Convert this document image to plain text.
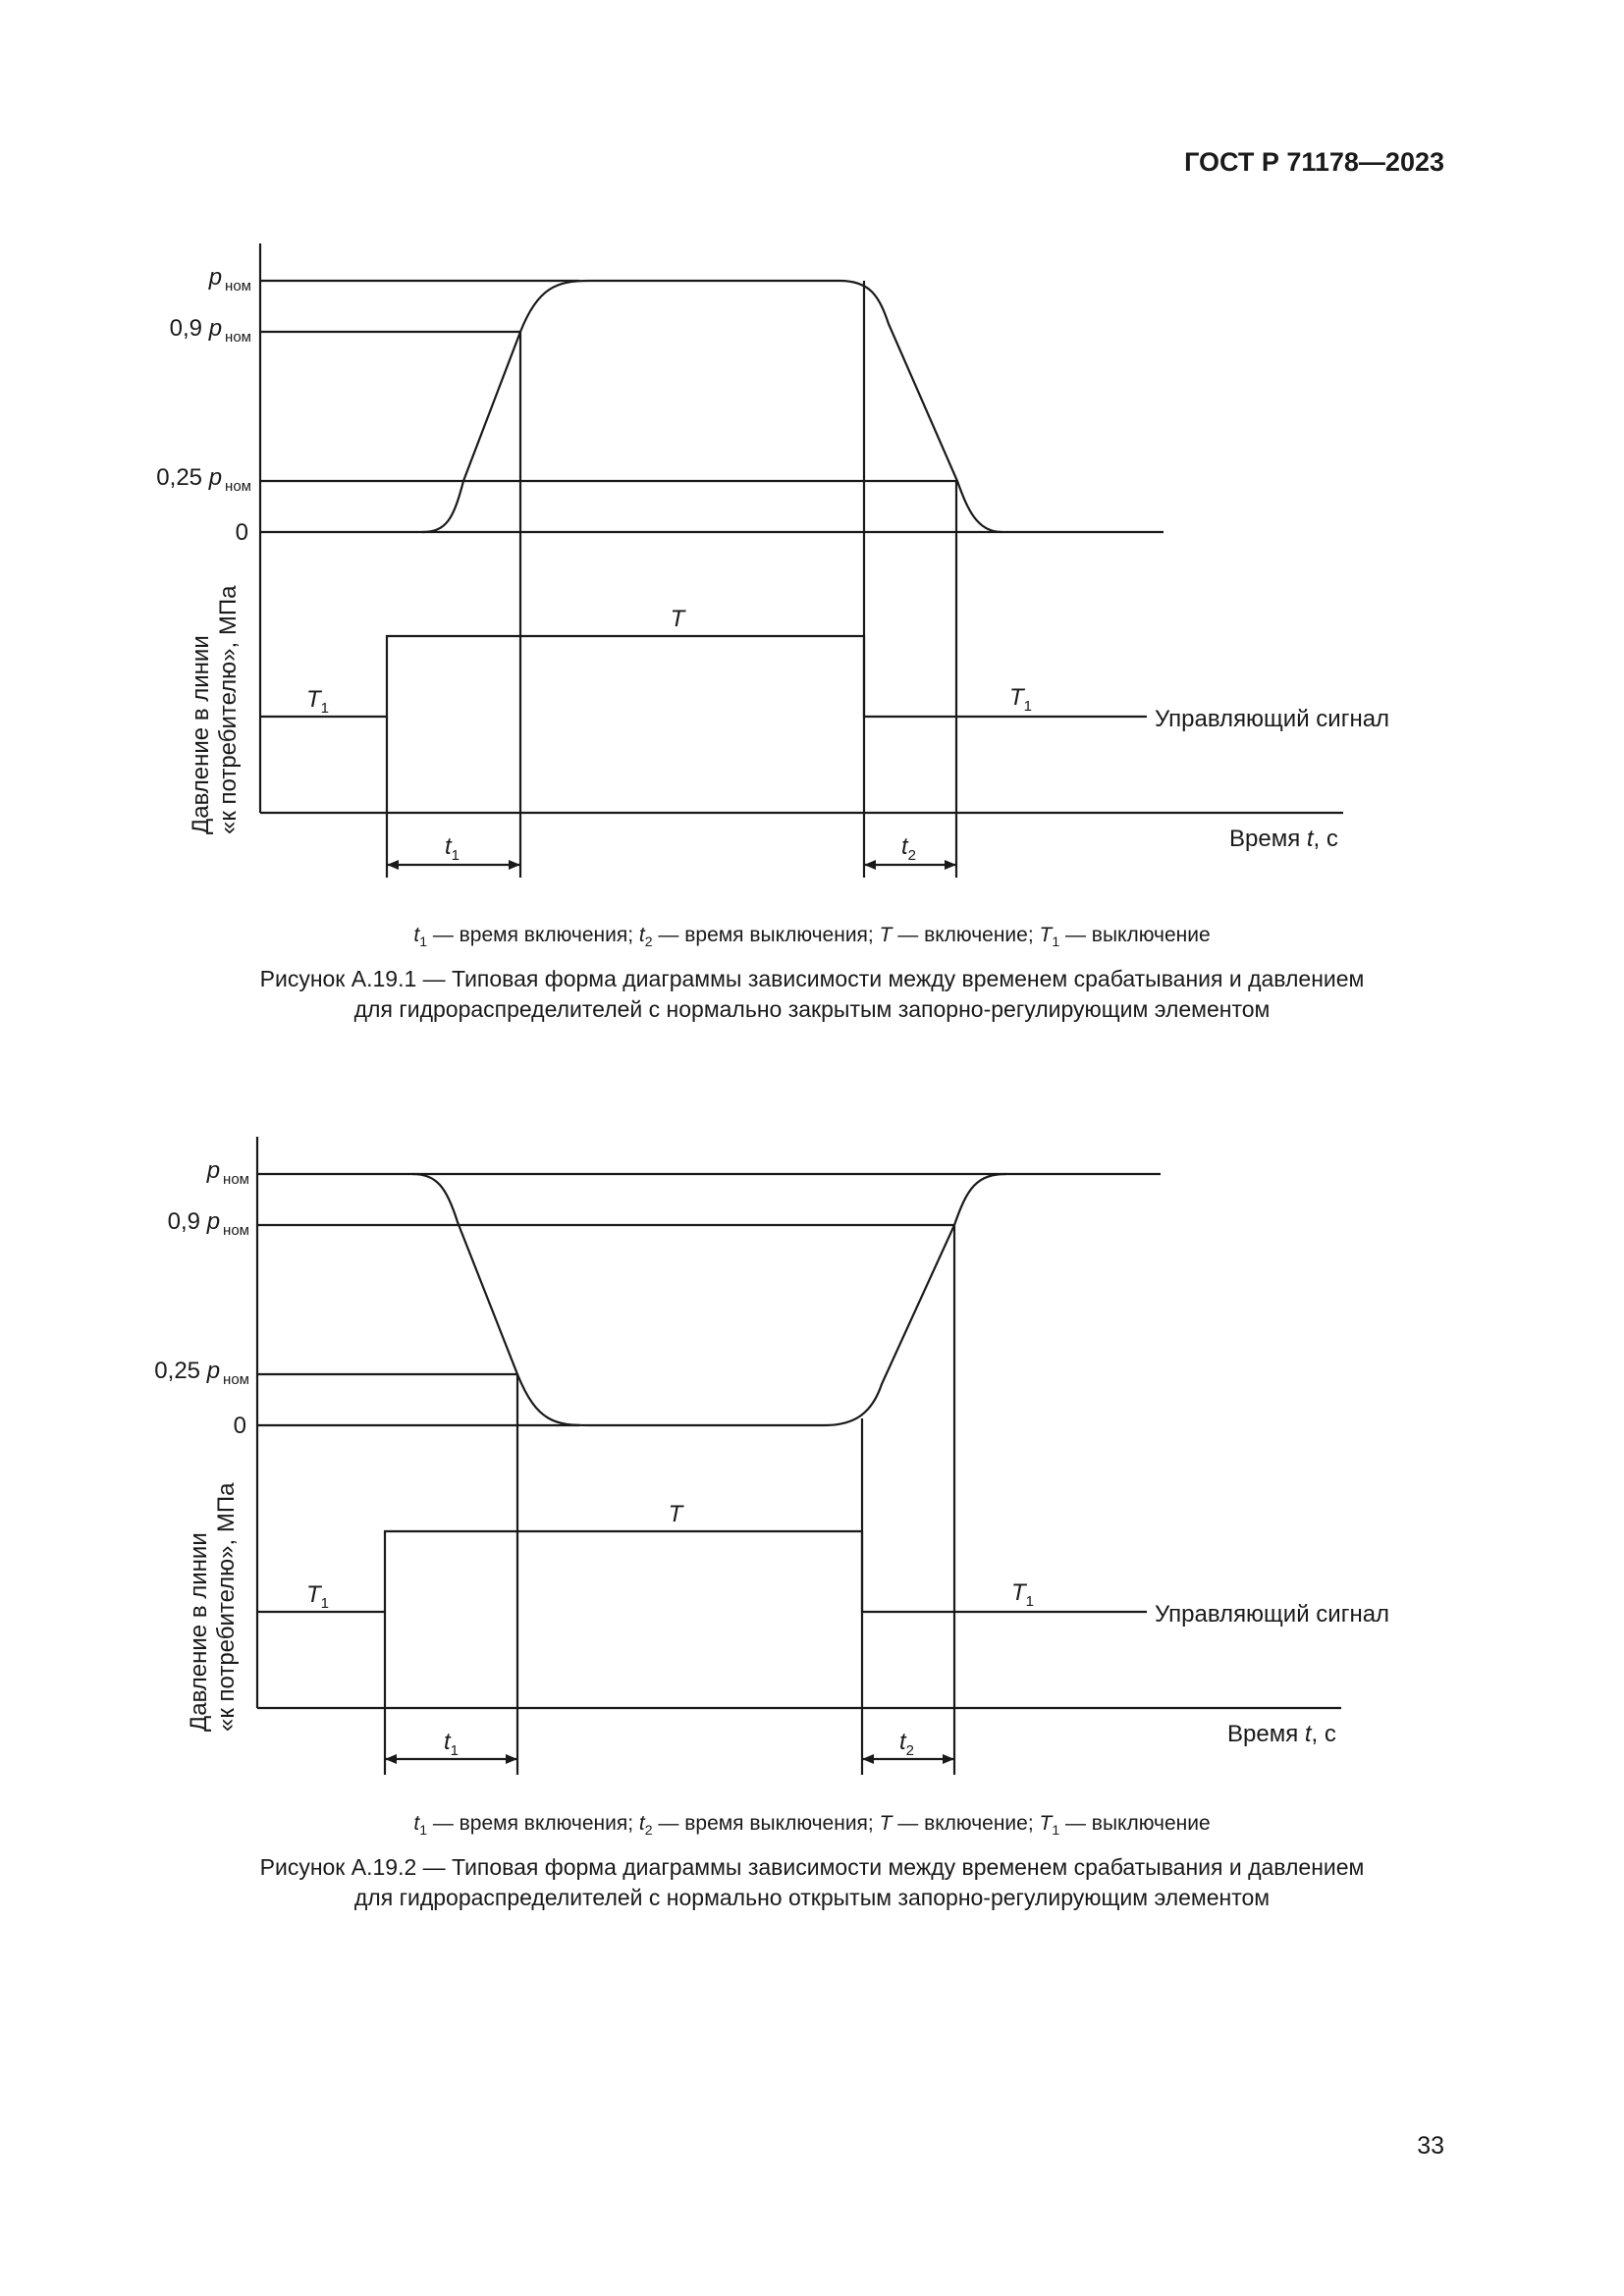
ГОСТ Р 71178—2023
p $_{ном}$
0,9 p $_{ном}$
0,25 p $_{ном}$
0
Давление в линии «к потребителю», МПа	T
$T_1$	$T_1$	Управляющий сигнал
Время t, с
$t_1$	$t_2$
$t_1$ — время включения; $t_2$ — время выключения; T — включение; $T_1$ — выключение
Рисунок А.19.1 — Типовая форма диаграммы зависимости между временем срабатывания и давлением
для гидрораспределителей с нормально закрытым запорно-регулирующим элементом
p $_{ном}$
0,9 p $_{ном}$
0,25 p $_{ном}$
0
Давление в линии «к потребителю», МПа	T
$T_1$	$T_1$	Управляющий сигнал
Время t, с
$t_1$	$t_2$
$t_1$ — время включения; $t_2$ — время выключения; T — включение; $T_1$ — выключение
Рисунок А.19.2 — Типовая форма диаграммы зависимости между временем срабатывания и давлением
для гидрораспределителей с нормально открытым запорно-регулирующим элементом
33
